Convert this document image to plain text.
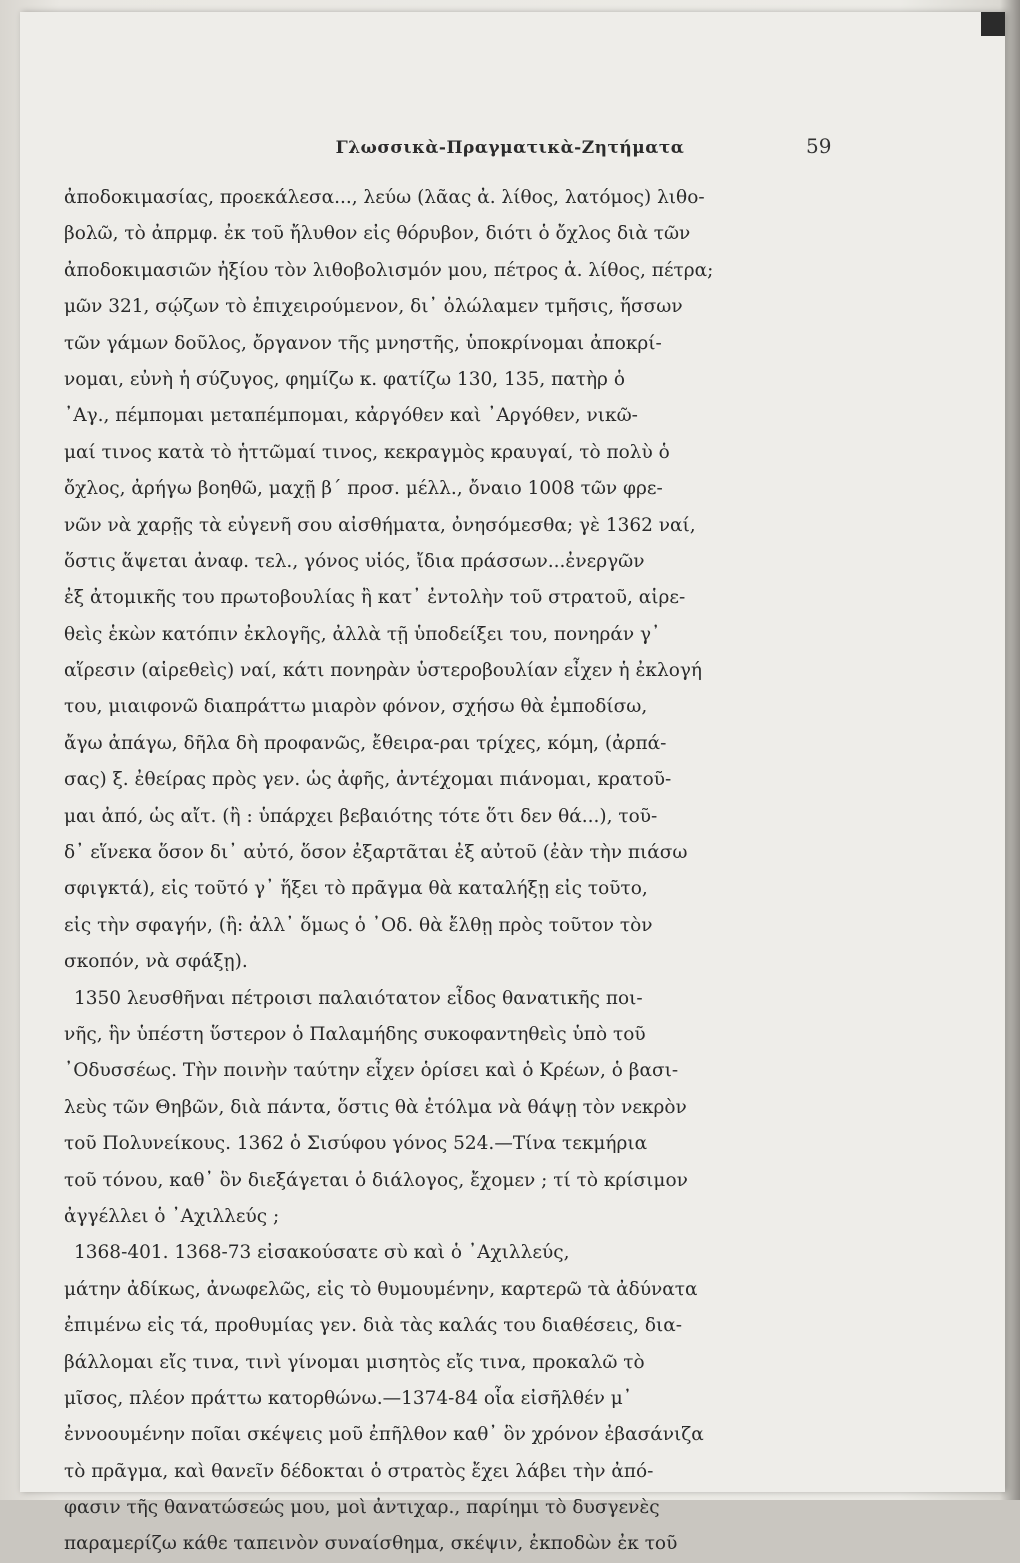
Γλωσσικὰ-Πραγματικὰ-Ζητήματα	59
ἀποδοκιμασίας, προεκάλεσα..., λεύω (λᾶας ἀ. λίθος, λατόμος) λιθο-
βολῶ, τὸ ἀπρμφ. ἐκ τοῦ ἤλυθον εἰς θόρυβον, διότι ὁ ὄχλος διὰ τῶν
ἀποδοκιμασιῶν ἠξίου τὸν λιθοβολισμόν μου, πέτρος ἀ. λίθος, πέτρα;
μῶν 321, σῴζων τὸ ἐπιχειρούμενον, δι᾿ ὀλώλαμεν τμῆσις, ἥσσων
τῶν γάμων δοῦλος, ὄργανον τῆς μνηστῆς, ὑποκρίνομαι ἀποκρί-
νομαι, εὐνὴ ἡ σύζυγος, φημίζω κ. φατίζω 130, 135, πατὴρ ὁ
᾿Αγ., πέμπομαι μεταπέμπομαι, κἀργόθεν καὶ ᾿Αργόθεν, νικῶ-
μαί τινος κατὰ τὸ ἡττῶμαί τινος, κεκραγμὸς κραυγαί, τὸ πολὺ ὁ
ὄχλος, ἀρήγω βοηθῶ, μαχῇ β΄ προσ. μέλλ., ὄναιο 1008 τῶν φρε-
νῶν νὰ χαρῇς τὰ εὐγενῆ σου αἰσθήματα, ὀνησόμεσθα; γὲ 1362 ναί,
ὅστις ἅψεται ἀναφ. τελ., γόνος υἱός, ἴδια πράσσων...ἐνεργῶν
ἐξ ἀτομικῆς του πρωτοβουλίας ἢ κατ᾿ ἐντολὴν τοῦ στρατοῦ, αἱρε-
θεὶς ἑκὼν κατόπιν ἐκλογῆς, ἀλλὰ τῇ ὑποδείξει του, πονηράν γ᾿
αἵρεσιν (αἱρεθεὶς) ναί, κάτι πονηρὰν ὑστεροβουλίαν εἶχεν ἡ ἐκλογή
του, μιαιφονῶ διαπράττω μιαρὸν φόνον, σχήσω θὰ ἐμποδίσω,
ἄγω ἀπάγω, δῆλα δὴ προφανῶς, ἔθειρα-ραι τρίχες, κόμη, (ἀρπά-
σας) ξ. ἐθείρας πρὸς γεν. ὡς ἀφῆς, ἀντέχομαι πιάνομαι, κρατοῦ-
μαι ἀπό, ὡς αἴτ. (ἢ : ὑπάρχει βεβαιότης τότε ὅτι δεν θά...), τοῦ-
δ᾿ εἵνεκα ὅσον δι᾿ αὐτό, ὅσον ἐξαρτᾶται ἐξ αὐτοῦ (ἐὰν τὴν πιάσω
σφιγκτά), εἰς τοῦτό γ᾿ ἥξει τὸ πρᾶγμα θὰ καταλήξῃ εἰς τοῦτο,
εἰς τὴν σφαγήν, (ἢ: ἀλλ᾿ ὅμως ὁ ᾿Οδ. θὰ ἔλθῃ πρὸς τοῦτον τὸν
σκοπόν, νὰ σφάξῃ).
1350 λευσθῆναι πέτροισι παλαιότατον εἶδος θανατικῆς ποι-
νῆς, ἣν ὑπέστη ὕστερον ὁ Παλαμήδης συκοφαντηθεὶς ὑπὸ τοῦ
᾿Οδυσσέως. Τὴν ποινὴν ταύτην εἶχεν ὁρίσει καὶ ὁ Κρέων, ὁ βασι-
λεὺς τῶν Θηβῶν, διὰ πάντα, ὅστις θὰ ἐτόλμα νὰ θάψῃ τὸν νεκρὸν
τοῦ Πολυνείκους. 1362 ὁ Σισύφου γόνος 524.—Τίνα τεκμήρια
τοῦ τόνου, καθ᾿ ὃν διεξάγεται ὁ διάλογος, ἔχομεν ; τί τὸ κρίσιμον
ἀγγέλλει ὁ ᾿Αχιλλεύς ;
1368-401. 1368-73 εἰσακούσατε σὺ καὶ ὁ ᾿Αχιλλεύς,
μάτην ἀδίκως, ἀνωφελῶς, εἰς τὸ θυμουμένην, καρτερῶ τὰ ἀδύνατα
ἐπιμένω εἰς τά, προθυμίας γεν. διὰ τὰς καλάς του διαθέσεις, δια-
βάλλομαι εἴς τινα, τινὶ γίνομαι μισητὸς εἴς τινα, προκαλῶ τὸ
μῖσος, πλέον πράττω κατορθώνω.—1374-84 οἷα εἰσῆλθέν μ᾿
ἐννοουμένην ποῖαι σκέψεις μοῦ ἐπῆλθον καθ᾿ ὃν χρόνον ἐβασάνιζα
τὸ πρᾶγμα, καὶ θανεῖν δέδοκται ὁ στρατὸς ἔχει λάβει τὴν ἀπό-
φασιν τῆς θανατώσεώς μου, μοὶ ἀντιχαρ., παρίημι τὸ δυσγενὲς
παραμερίζω κάθε ταπεινὸν συναίσθημα, σκέψιν, ἐκποδὼν ἐκ τοῦ
